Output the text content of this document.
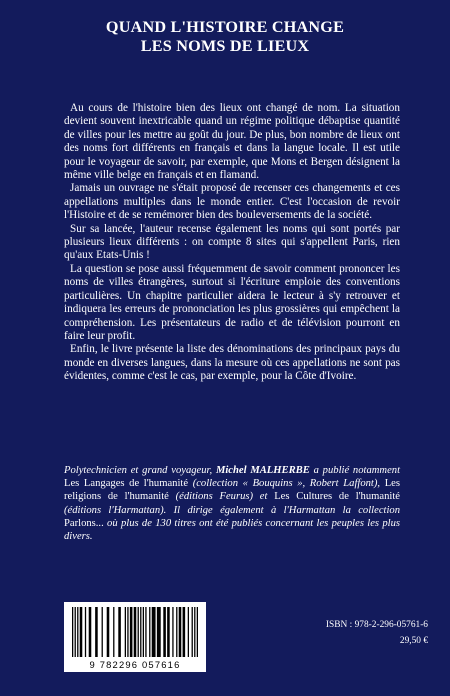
QUAND L'HISTOIRE CHANGE
LES NOMS DE LIEUX

Au cours de l'histoire bien des lieux ont changé de nom. La situation devient souvent inextricable quand un régime politique débaptise quantité de villes pour les mettre au goût du jour. De plus, bon nombre de lieux ont des noms fort différents en français et dans la langue locale. Il est utile pour le voyageur de savoir, par exemple, que Mons et Bergen désignent la même ville belge en français et en flamand.

Jamais un ouvrage ne s'était proposé de recenser ces changements et ces appellations multiples dans le monde entier. C'est l'occasion de revoir l'Histoire et de se remémorer bien des bouleversements de la société.

Sur sa lancée, l'auteur recense également les noms qui sont portés par plusieurs lieux différents : on compte 8 sites qui s'appellent Paris, rien qu'aux Etats-Unis !

La question se pose aussi fréquemment de savoir comment prononcer les noms de villes étrangères, surtout si l'écriture emploie des conventions particulières. Un chapitre particulier aidera le lecteur à s'y retrouver et indiquera les erreurs de prononciation les plus grossières qui empêchent la compréhension. Les présentateurs de radio et de télévision pourront en faire leur profit.

Enfin, le livre présente la liste des dénominations des principaux pays du monde en diverses langues, dans la mesure où ces appellations ne sont pas évidentes, comme c'est le cas, par exemple, pour la Côte d'Ivoire.

Polytechnicien et grand voyageur, Michel MALHERBE a publié notamment Les Langages de l'humanité (collection « Bouquins », Robert Laffont), Les religions de l'humanité (éditions Feurus) et Les Cultures de l'humanité (éditions l'Harmattan). Il dirige également à l'Harmattan la collection Parlons... où plus de 130 titres ont été publiés concernant les peuples les plus divers.
9 782296 057616
ISBN : 978-2-296-05761-6
29,50 €
